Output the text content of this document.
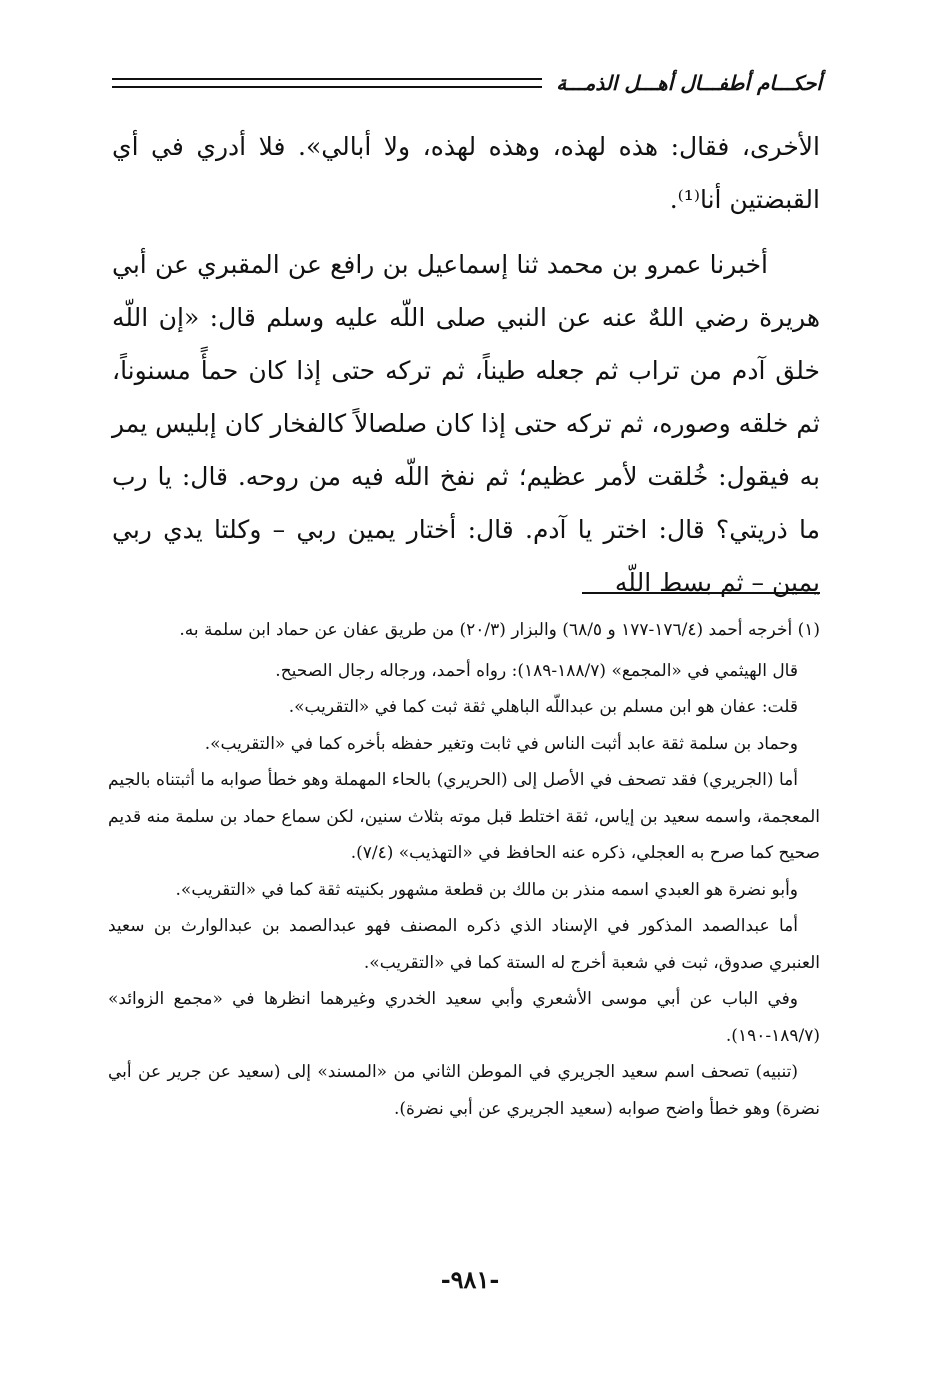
أحكـــام أطفـــال أهـــل الذمـــة

الأخرى، فقال: هذه لهذه، وهذه لهذه، ولا أبالي». فلا أدري في أي القبضتين أنا⁽¹⁾.

أخبرنا عمرو بن محمد ثنا إسماعيل بن رافع عن المقبري عن أبي هريرة رضي اللهٌ عنه عن النبي صلى اللّه عليه وسلم قال: «إن اللّه خلق آدم من تراب ثم جعله طيناً، ثم تركه حتى إذا كان حمأً مسنوناً، ثم خلقه وصوره، ثم تركه حتى إذا كان صلصالاً كالفخار كان إبليس يمر به فيقول: خُلقت لأمر عظيم؛ ثم نفخ اللّه فيه من روحه. قال: يا رب ما ذريتي؟ قال: اختر يا آدم. قال: أختار يمين ربي – وكلتا يدي ربي يمين – ثم بسط اللّه

(١) أخرجه أحمد (١٧٦/٤-١٧٧ و ٦٨/٥) والبزار (٢٠/٣) من طريق عفان عن حماد ابن سلمة به.

قال الهيثمي في «المجمع» (١٨٨/٧-١٨٩): رواه أحمد، ورجاله رجال الصحيح.

قلت: عفان هو ابن مسلم بن عبداللّه الباهلي ثقة ثبت كما في «التقريب».

وحماد بن سلمة ثقة عابد أثبت الناس في ثابت وتغير حفظه بأخره كما في «التقريب».

أما (الجريري) فقد تصحف في الأصل إلى (الحريري) بالحاء المهملة وهو خطأ صوابه ما أثبتناه بالجيم المعجمة، واسمه سعيد بن إياس، ثقة اختلط قبل موته بثلاث سنين، لكن سماع حماد بن سلمة منه قديم صحيح كما صرح به العجلي، ذكره عنه الحافظ في «التهذيب» (٧/٤).

وأبو نضرة هو العبدي اسمه منذر بن مالك بن قطعة مشهور بكنيته ثقة كما في «التقريب».

أما عبدالصمد المذكور في الإسناد الذي ذكره المصنف فهو عبدالصمد بن عبدالوارث بن سعيد العنبري صدوق، ثبت في شعبة أخرج له الستة كما في «التقريب».

وفي الباب عن أبي موسى الأشعري وأبي سعيد الخدري وغيرهما انظرها في «مجمع الزوائد» (١٨٩/٧-١٩٠).

(تنبيه) تصحف اسم سعيد الجريري في الموطن الثاني من «المسند» إلى (سعيد عن جرير عن أبي نضرة) وهو خطأ واضح صوابه (سعيد الجريري عن أبي نضرة).

-٩٨١-
